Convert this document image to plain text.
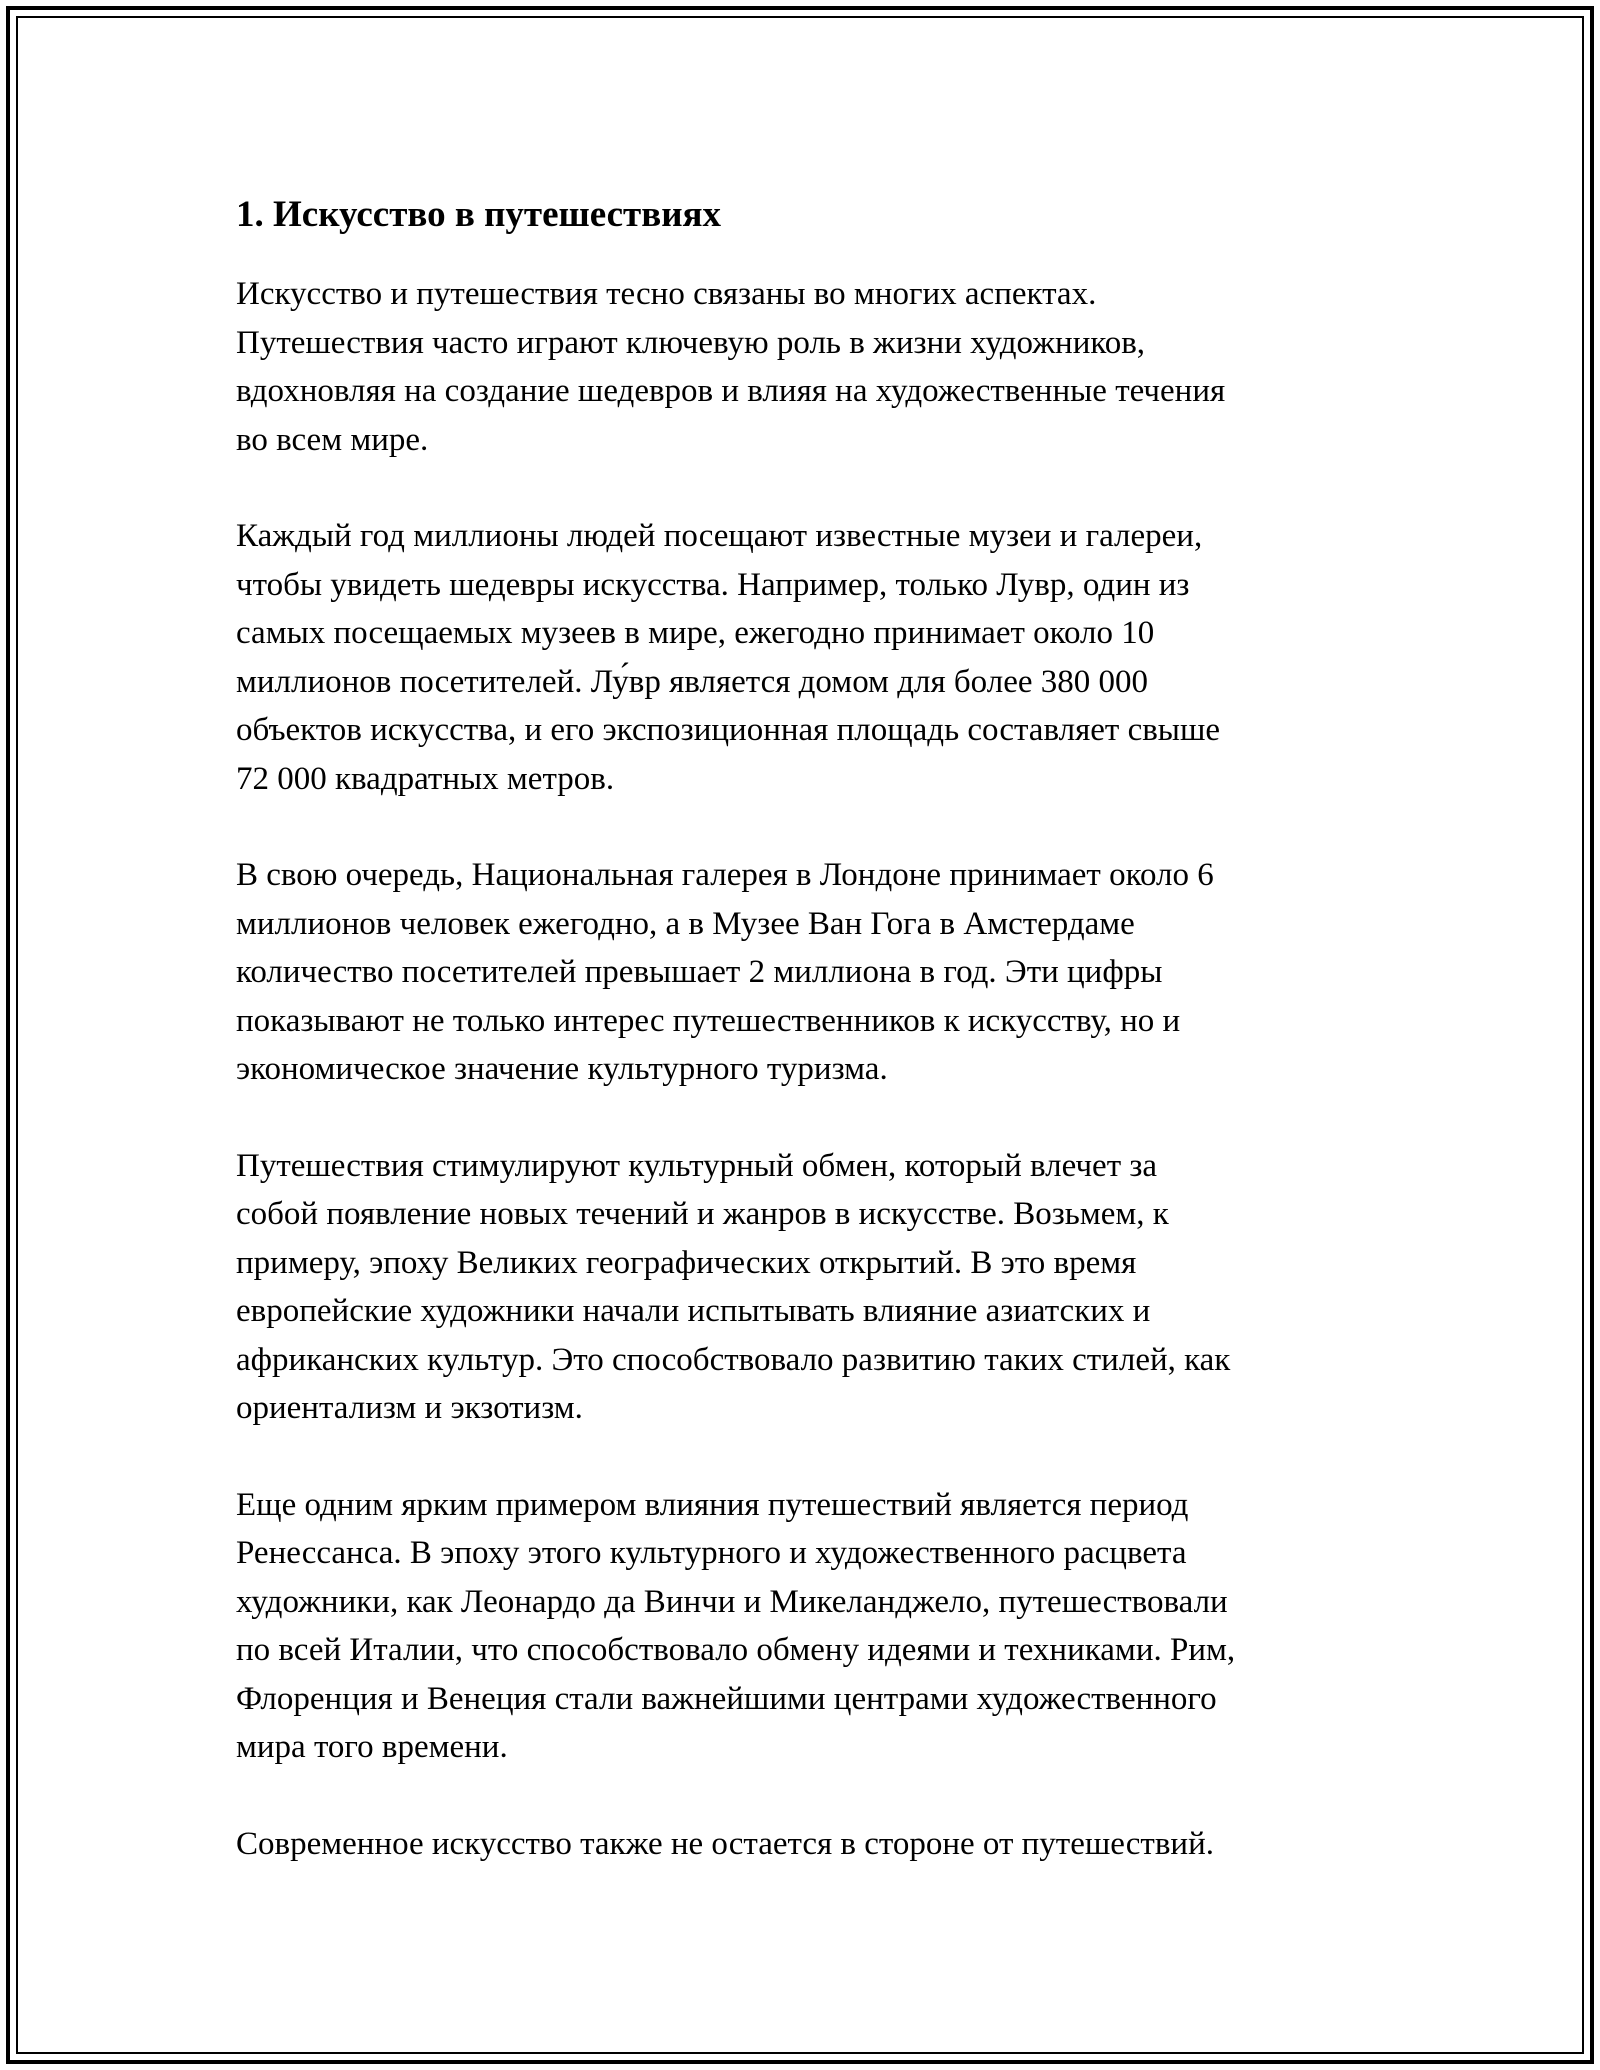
1. Искусство в путешествиях

Искусство и путешествия тесно связаны во многих аспектах.
Путешествия часто играют ключевую роль в жизни художников,
вдохновляя на создание шедевров и влияя на художественные течения
во всем мире.

Каждый год миллионы людей посещают известные музеи и галереи,
чтобы увидеть шедевры искусства. Например, только Лувр, один из
самых посещаемых музеев в мире, ежегодно принимает около 10
миллионов посетителей. Лу́вр является домом для более 380 000
объектов искусства, и его экспозиционная площадь составляет свыше
72 000 квадратных метров.

В свою очередь, Национальная галерея в Лондоне принимает около 6
миллионов человек ежегодно, а в Музее Ван Гога в Амстердаме
количество посетителей превышает 2 миллиона в год. Эти цифры
показывают не только интерес путешественников к искусству, но и
экономическое значение культурного туризма.

Путешествия стимулируют культурный обмен, который влечет за
собой появление новых течений и жанров в искусстве. Возьмем, к
примеру, эпоху Великих географических открытий. В это время
европейские художники начали испытывать влияние азиатских и
африканских культур. Это способствовало развитию таких стилей, как
ориентализм и экзотизм.

Еще одним ярким примером влияния путешествий является период
Ренессанса. В эпоху этого культурного и художественного расцвета
художники, как Леонардо да Винчи и Микеланджело, путешествовали
по всей Италии, что способствовало обмену идеями и техниками. Рим,
Флоренция и Венеция стали важнейшими центрами художественного
мира того времени.

Современное искусство также не остается в стороне от путешествий.
